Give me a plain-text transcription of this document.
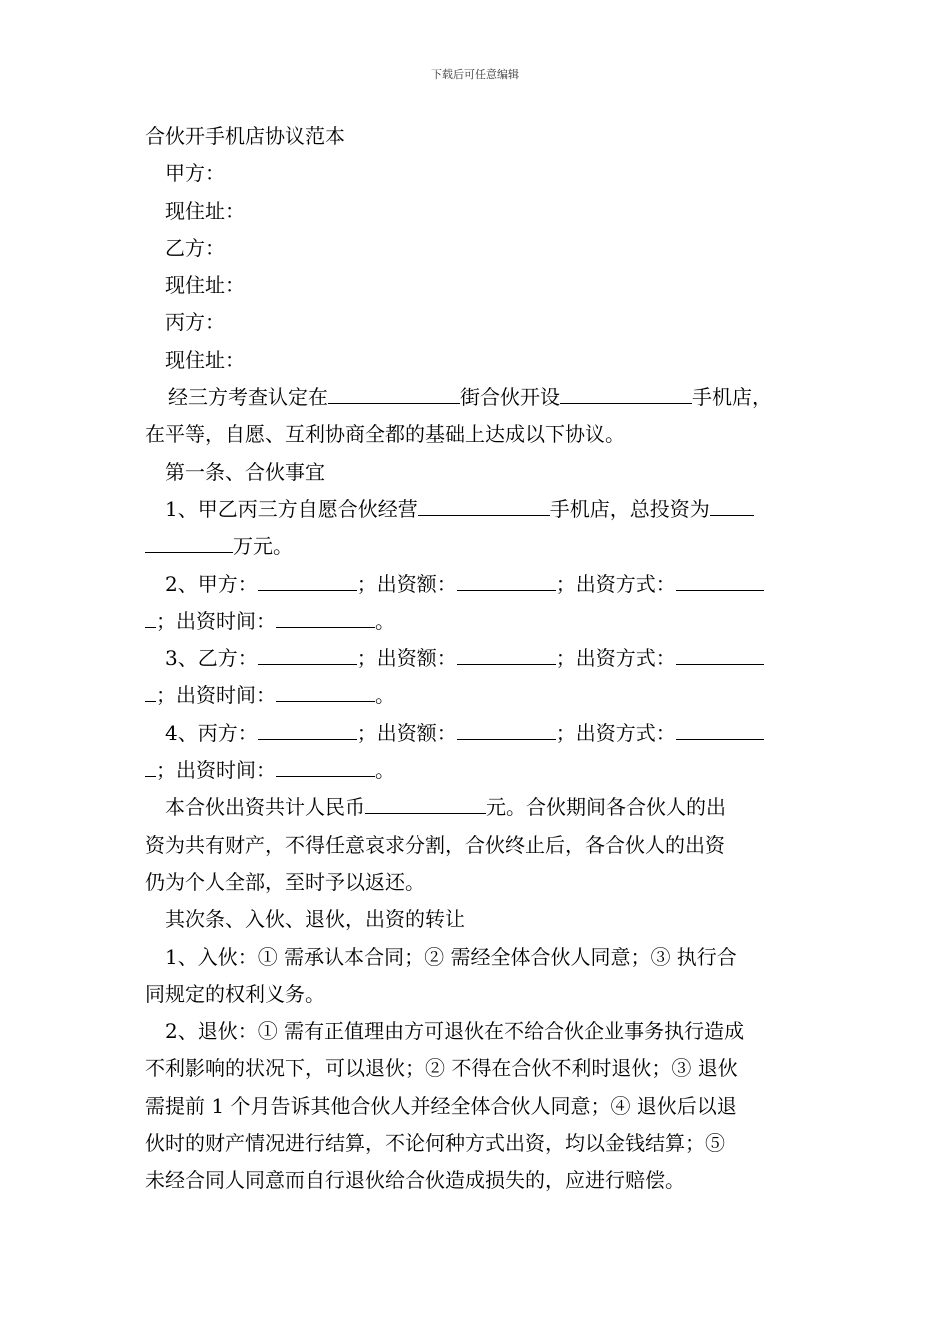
下载后可任意编辑
合伙开手机店协议范本
甲方：
现住址：
乙方：
现住址：
丙方：
现住址：
经三方考查认定在	街合伙开设	手机店，
在平等，自愿、互利协商全都的基础上达成以下协议。
第一条、合伙事宜
1、甲乙丙三方自愿合伙经营	手机店，总投资为
万元。
2、甲方：	；出资额：	；出资方式：
；出资时间：	。
3、乙方：	；出资额：	；出资方式：
；出资时间：	。
4、丙方：	；出资额：	；出资方式：
；出资时间：	。
本合伙出资共计人民币	元。合伙期间各合伙人的出
资为共有财产，不得任意哀求分割，合伙终止后，各合伙人的出资
仍为个人全部，至时予以返还。
其次条、入伙、退伙，出资的转让
1、入伙：① 需承认本合同；② 需经全体合伙人同意；③ 执行合
同规定的权利义务。
2、退伙：① 需有正值理由方可退伙在不给合伙企业事务执行造成
不利影响的状况下，可以退伙；② 不得在合伙不利时退伙；③ 退伙
需提前 1 个月告诉其他合伙人并经全体合伙人同意；④ 退伙后以退
伙时的财产情况进行结算，不论何种方式出资，均以金钱结算；⑤
未经合同人同意而自行退伙给合伙造成损失的，应进行赔偿。
